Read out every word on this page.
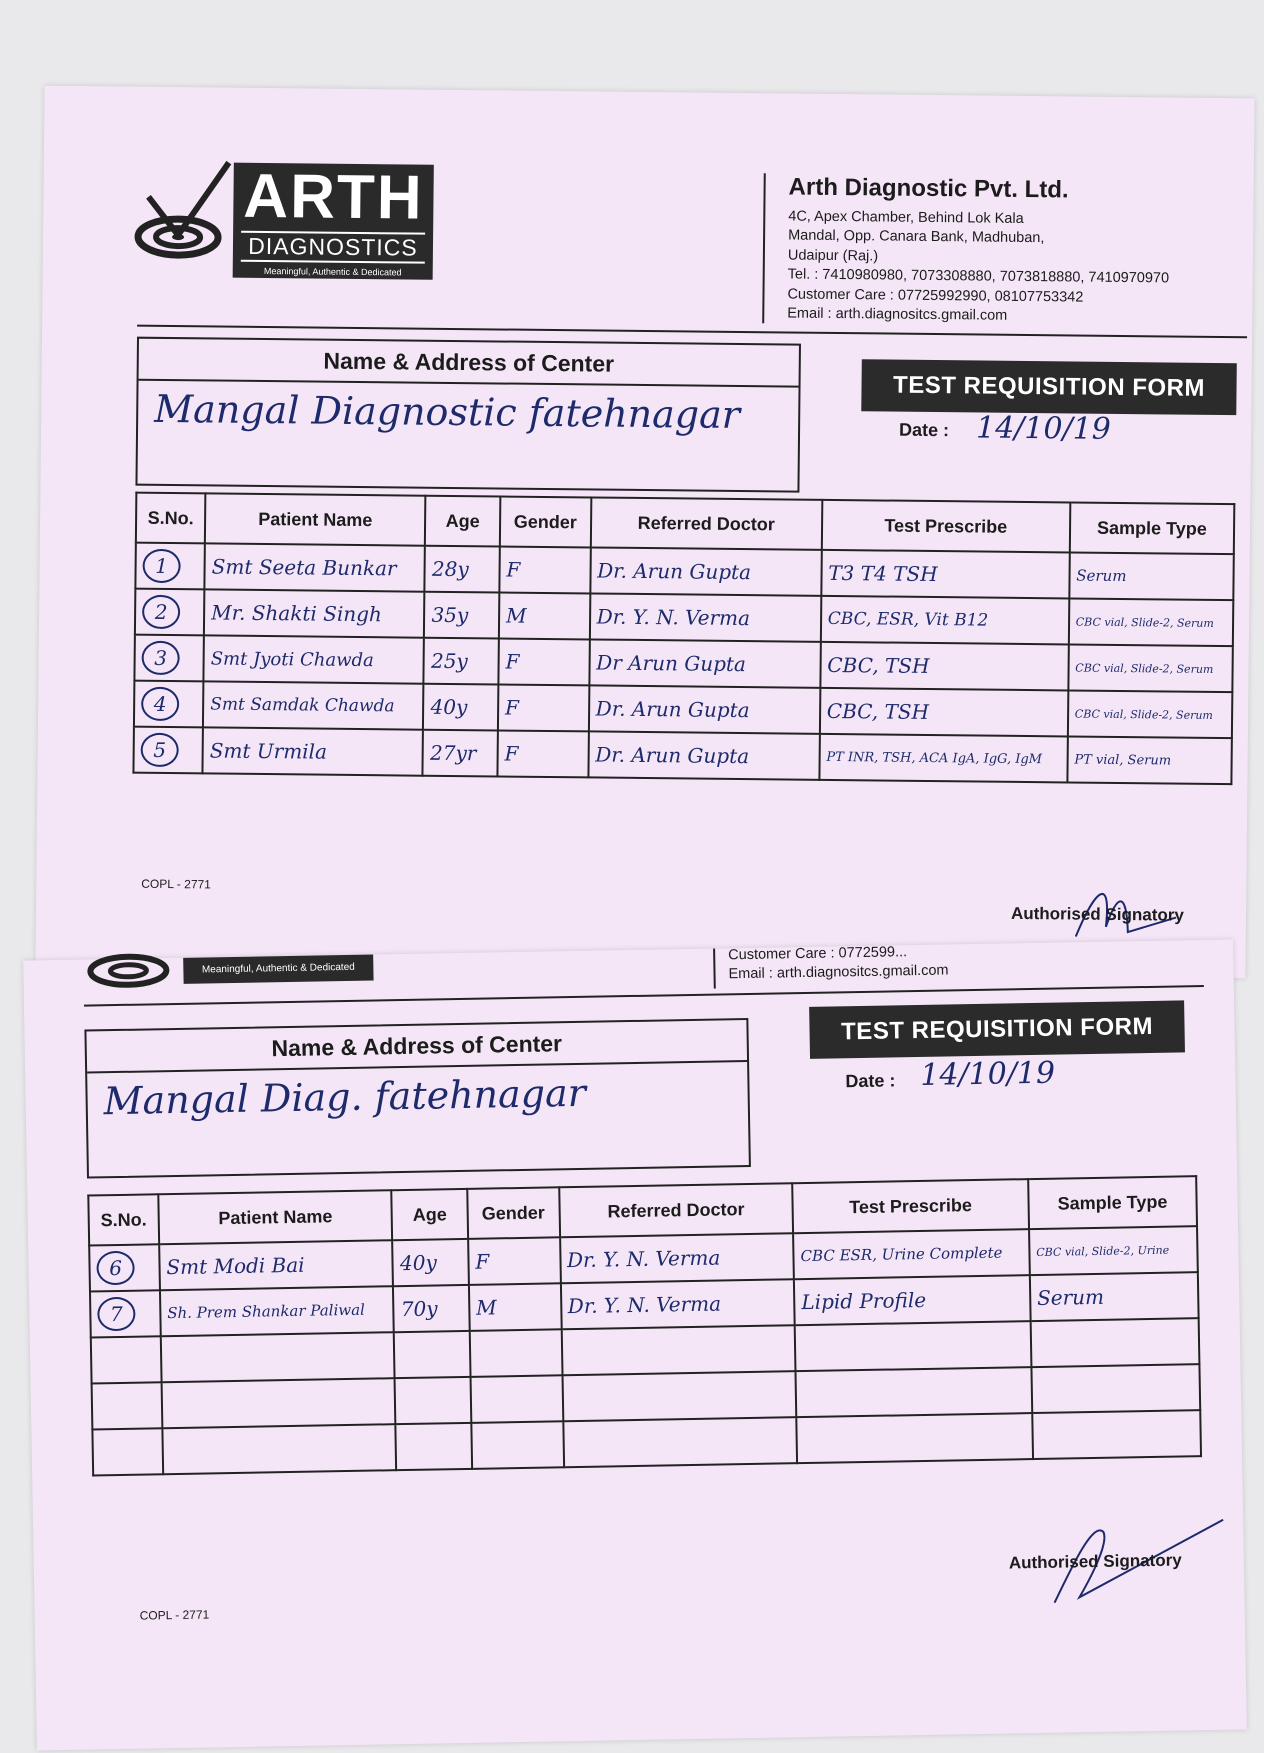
ARTH
DIAGNOSTICS
Meaningful, Authentic & Dedicated
Arth Diagnostic Pvt. Ltd.
4C, Apex Chamber, Behind Lok Kala
Mandal, Opp. Canara Bank, Madhuban,
Udaipur (Raj.)
Tel. : 7410980980, 7073308880, 7073818880, 7410970970
Customer Care : 07725992990, 08107753342
Email : arth.diagnositcs.gmail.com
Name & Address of Center
Mangal Diagnostic fatehnagar
TEST REQUISITION FORM
Date : 14/10/19
S.No.	Patient Name	Age	Gender	Referred Doctor	Test Prescribe	Sample Type
1	Smt Seeta Bunkar	28y	F	Dr. Arun Gupta	T3 T4 TSH	Serum
2	Mr. Shakti Singh	35y	M	Dr. Y. N. Verma	CBC, ESR, Vit B12	CBC vial, Slide-2, Serum
3	Smt Jyoti Chawda	25y	F	Dr Arun Gupta	CBC, TSH	CBC vial, Slide-2, Serum
4	Smt Samdak Chawda	40y	F	Dr. Arun Gupta	CBC, TSH	CBC vial, Slide-2, Serum
5	Smt Urmila	27yr	F	Dr. Arun Gupta	PT INR, TSH, ACA IgA, IgG, IgM	PT vial, Serum
COPL - 2771
Authorised Signatory
Meaningful, Authentic & Dedicated
Customer Care : 0772599...
Email : arth.diagnositcs.gmail.com
Name & Address of Center
Mangal Diag. fatehnagar
TEST REQUISITION FORM
Date : 14/10/19
S.No.	Patient Name	Age	Gender	Referred Doctor	Test Prescribe	Sample Type
6	Smt Modi Bai	40y	F	Dr. Y. N. Verma	CBC ESR, Urine Complete	CBC vial, Slide-2, Urine
7	Sh. Prem Shankar Paliwal	70y	M	Dr. Y. N. Verma	Lipid Profile	Serum

COPL - 2771
Authorised Signatory
